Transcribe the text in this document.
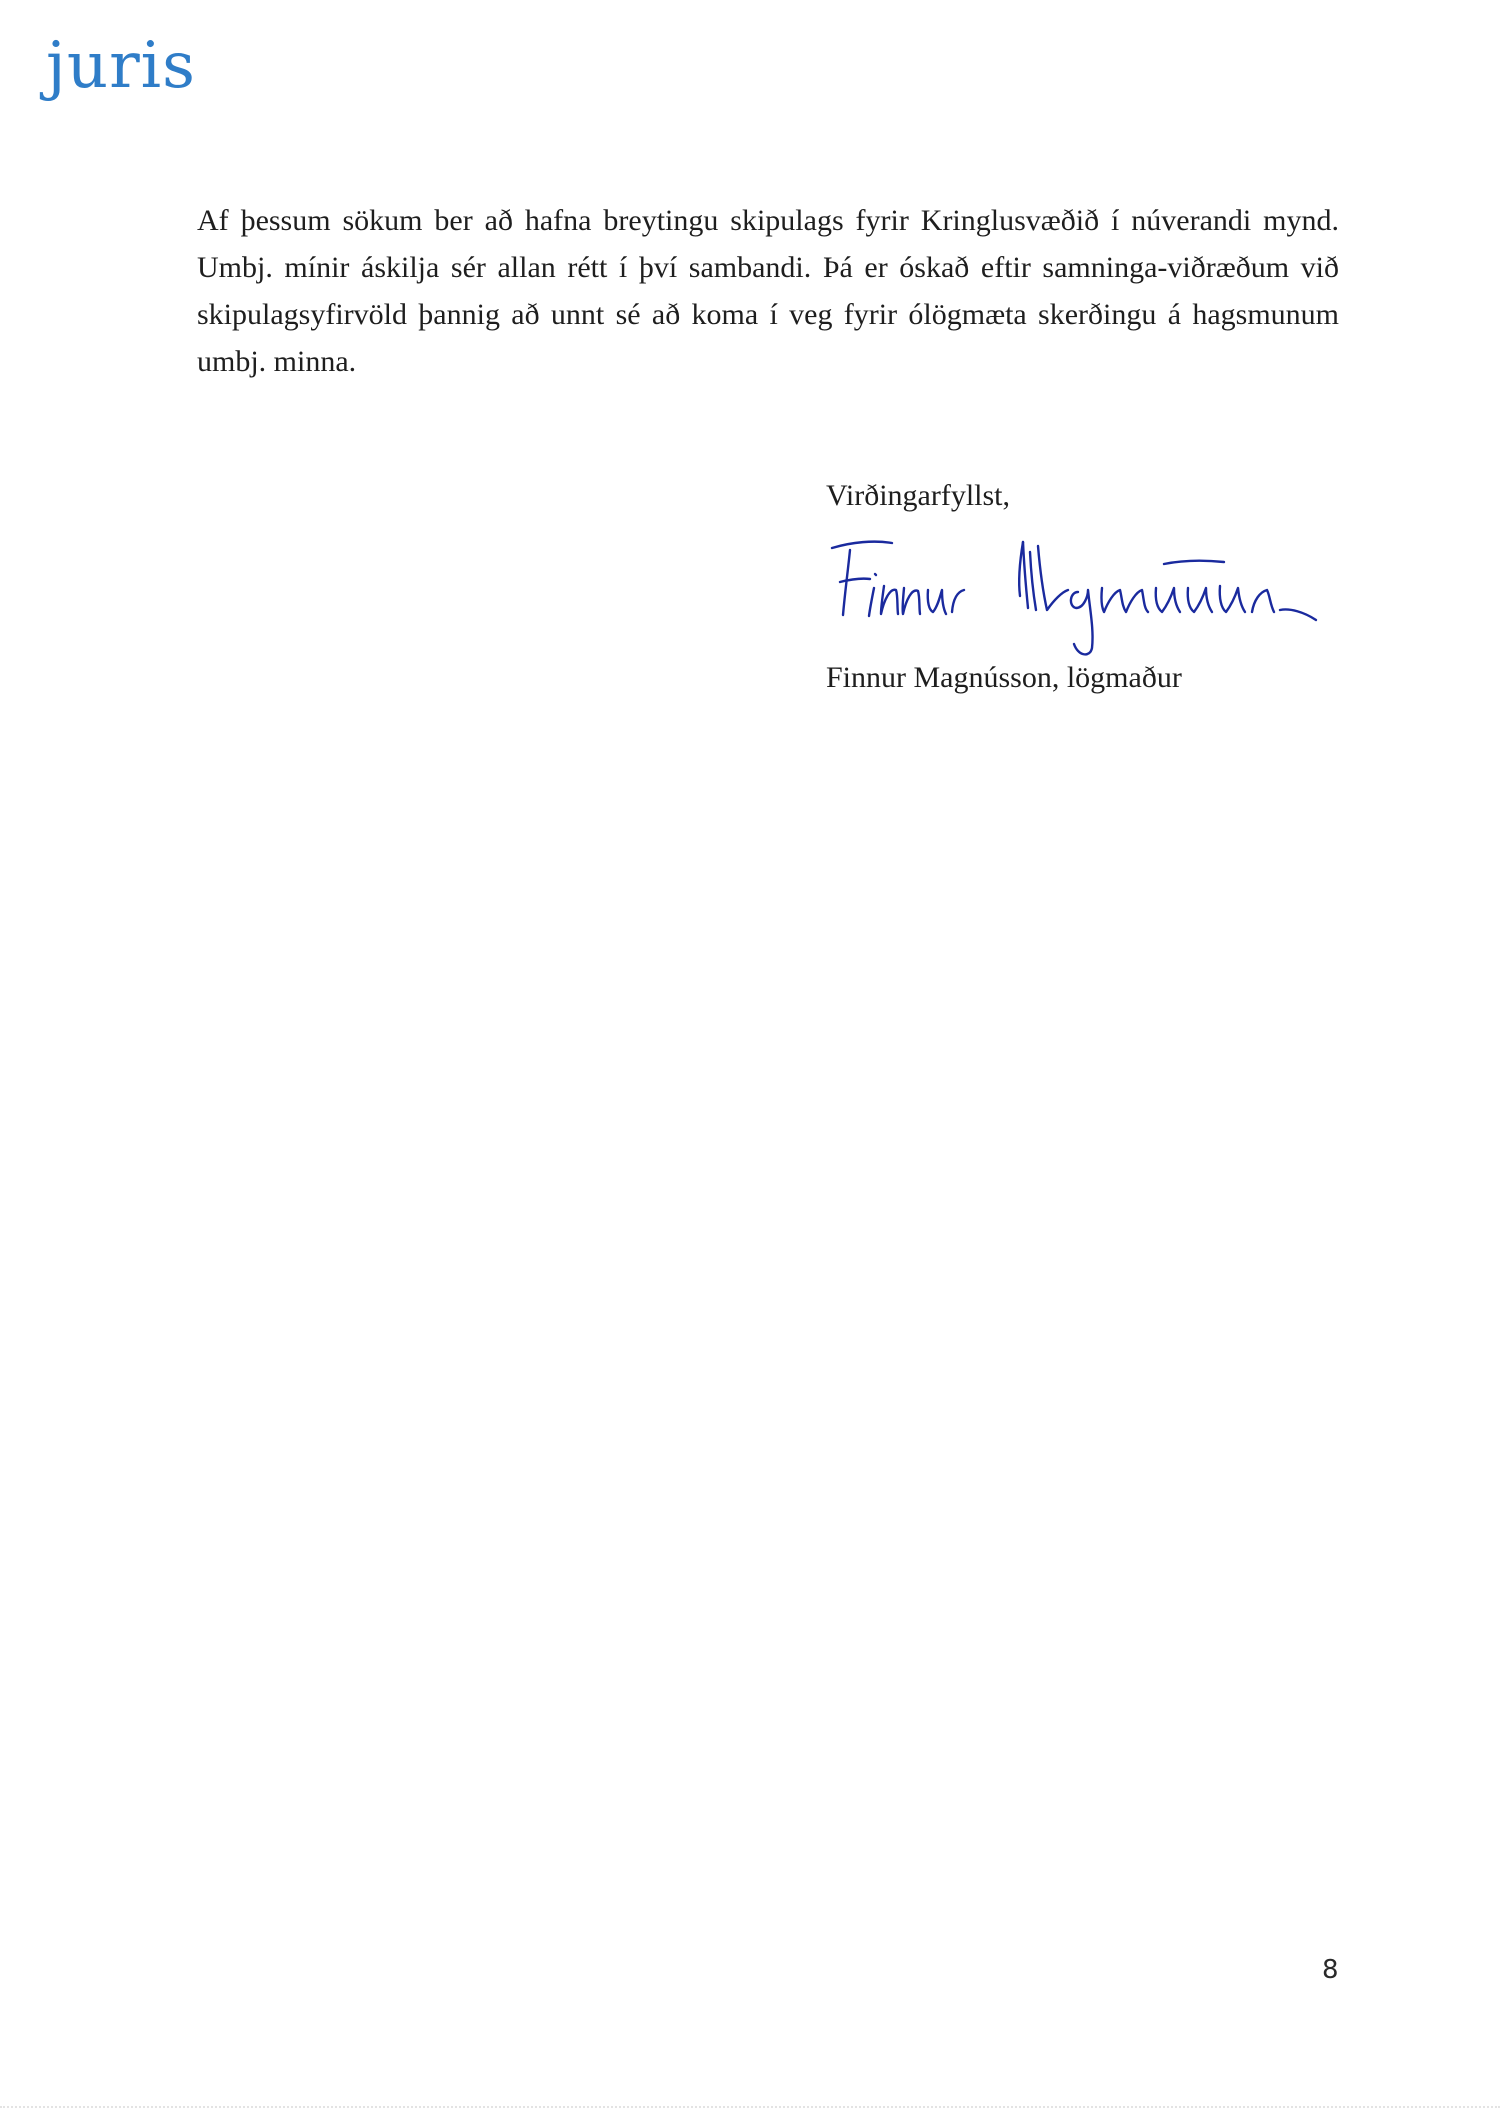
juris

Af þessum sökum ber að hafna breytingu skipulags fyrir Kringlusvæðið í núverandi mynd. Umbj. mínir áskilja sér allan rétt í því sambandi. Þá er óskað eftir samninga-viðræðum við skipulagsyfirvöld þannig að unnt sé að koma í veg fyrir ólögmæta skerðingu á hagsmunum umbj. minna.

Virðingarfyllst,
Finnur Magnússon, lögmaður
8
